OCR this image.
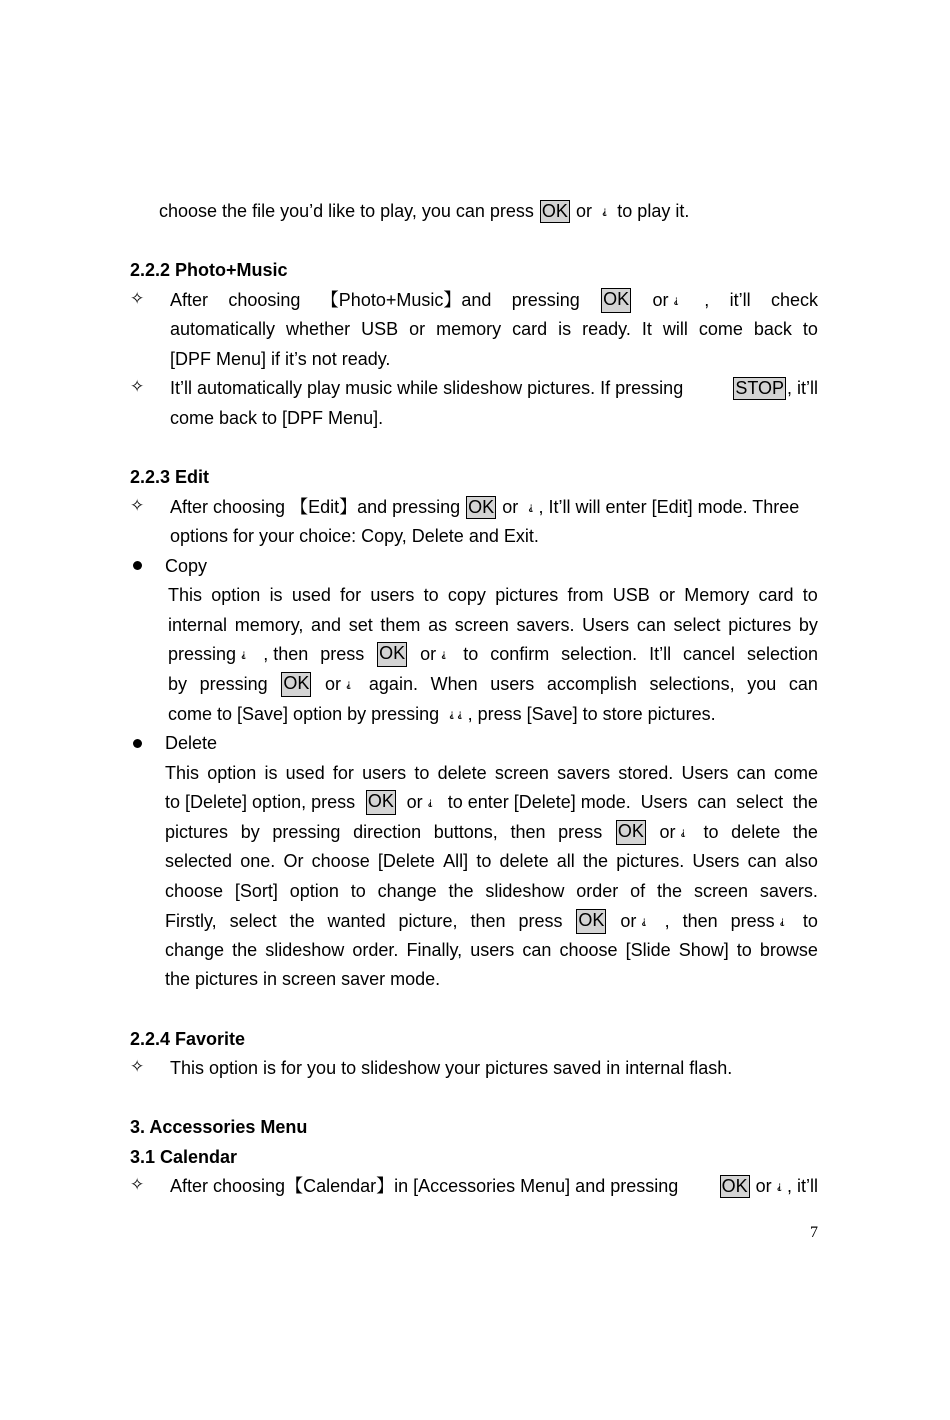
choose the file you’d like to play, you can press OK or ⸘ to play it.
2.2.2 Photo+Music
✧ After choosing 【Photo+Music】and pressing OK or ⸘ , it’ll check
automatically whether USB or memory card is ready. It will come back to
[DPF Menu] if it’s not ready.
✧ It’ll automatically play music while slideshow pictures. If pressing	STOP , it’ll
come back to [DPF Menu].
2.2.3 Edit
✧ After choosing 【Edit】and pressing OK or ⸘ , It’ll will enter [Edit] mode. Three
options for your choice: Copy, Delete and Exit.
Copy
This option is used for users to copy pictures from USB or Memory card to
internal memory, and set them as screen savers. Users can select pictures by
pressing ⸘ , then press OK or ⸘ to confirm selection. It’ll cancel selection
by pressing OK or ⸘ again. When users accomplish selections, you can
come to [Save] option by pressing ⸘ ⸘ , press [Save] to store pictures.
Delete
This option is used for users to delete screen savers stored. Users can come
to [Delete] option, press OK or ⸘ to enter [Delete] mode. Users can select the
pictures by pressing direction buttons, then press OK or ⸘ to delete the
selected one. Or choose [Delete All] to delete all the pictures. Users can also
choose [Sort] option to change the slideshow order of the screen savers.
Firstly, select the wanted picture, then press OK or ⸘ , then press ⸘ to
change the slideshow order. Finally, users can choose [Slide Show] to browse
the pictures in screen saver mode.
2.2.4 Favorite
✧ This option is for you to slideshow your pictures saved in internal flash.
3. Accessories Menu
3.1 Calendar
✧ After choosing【Calendar】in [Accessories Menu] and pressing OK or ⸘ , it’ll
7
